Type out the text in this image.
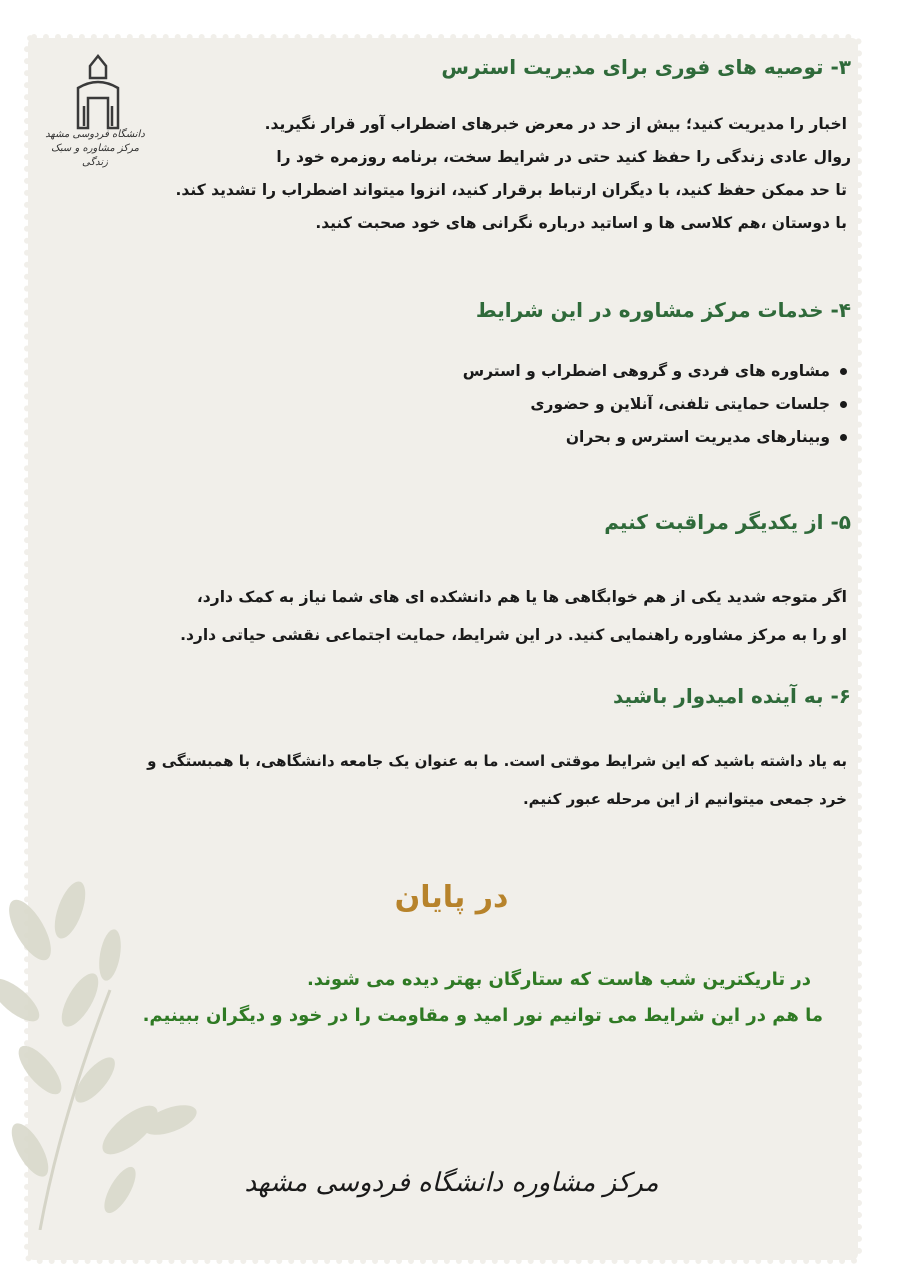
دانشگاه فردوسی مشهد
مرکز مشاوره و سبک زندگی
۳- توصیه های فوری برای مدیریت استرس
اخبار را مدیریت کنید؛ بیش از حد در معرض خبرهای اضطراب آور قرار نگیرید.
روال عادی زندگی را حفظ کنید حتی در شرایط سخت، برنامه روزمره خود را
تا حد ممکن حفظ کنید، با دیگران ارتباط برقرار کنید، انزوا میتواند اضطراب را تشدید کند.
با دوستان ،هم کلاسی ها و اساتید درباره نگرانی های خود صحبت کنید.
۴- خدمات مرکز مشاوره در این شرایط
مشاوره های فردی و گروهی اضطراب و استرس
جلسات حمایتی تلفنی، آنلاین و حضوری
وبینارهای مدیریت استرس و بحران
۵- از یکدیگر مراقبت کنیم
اگر متوجه شدید یکی از هم خوابگاهی ها یا هم دانشکده ای های شما نیاز به کمک دارد،
او را به مرکز مشاوره راهنمایی کنید. در این شرایط، حمایت اجتماعی نقشی حیاتی دارد.
۶- به آینده امیدوار باشید
به یاد داشته باشید که این شرایط موقتی است. ما به عنوان یک جامعه دانشگاهی، با همبستگی و
خرد جمعی میتوانیم از این مرحله عبور کنیم.
در پایان
در تاریکترین شب هاست که ستارگان بهتر دیده می شوند.
ما هم در این شرایط می توانیم نور امید و مقاومت را در خود و دیگران ببینیم.
مرکز مشاوره دانشگاه فردوسی مشهد
